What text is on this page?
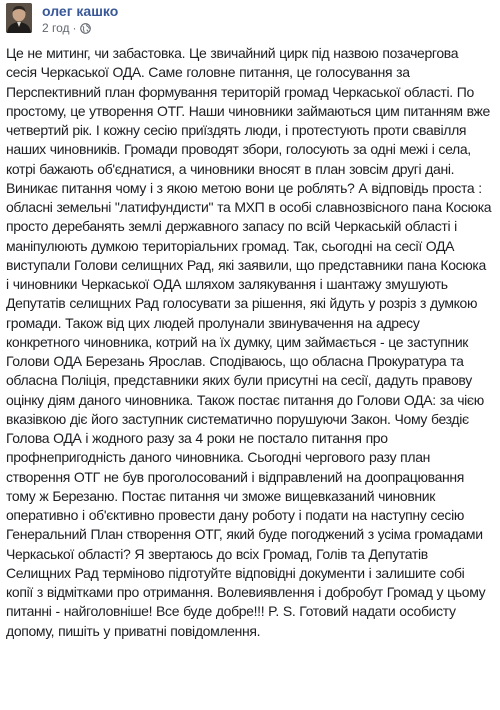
олег кашко
2 год ·
Це не митинг, чи забастовка. Це звичайний цирк під назвою позачергова сесія Черкаської ОДА. Саме головне питання, це голосування за Перспективний план формування територій громад Черкаської області. По простому, це утворення ОТГ. Наши чиновники займаються цим питанням вже четвертий рік. І кожну сесію приїздять люди, і протестують проти свавілля наших чиновників. Громади проводят збори, голосують за одні межі і села, котрі бажають об'єднатися, а чиновники вносят в план зовсім другі дані. Виникає питання чому і з якою метою вони це роблять? А відповідь проста : обласні земельні "латифундисти" та МХП в особі славнозвісного пана Косюка просто деребанять землі державного запасу по всій Черкаській області і маніпулюють думкою територіальних громад. Так, сьогодні на сесії ОДА виступали Голови селищних Рад, які заявили, що представники пана Косюка і чиновники Черкаської ОДА шляхом залякування і шантажу змушують Депутатів селищних Рад голосувати за рішення, які йдуть у розріз з думкою громади. Також від цих людей пролунали звинувачення на адресу конкретного чиновника, котрий на їх думку, цим займається - це заступник Голови ОДА Березань Ярослав. Сподіваюсь, що обласна Прокуратура та обласна Поліція, представники яких були присутні на сесії, дадуть правову оцінку діям даного чиновника. Також постає питання до Голови ОДА: за чією вказівкою діє його заступник систематично порушуючи Закон. Чому бездіє Голова ОДА і жодного разу за 4 роки не постало питання про профнепригодність даного чиновника. Сьогодні чергового разу план створення ОТГ не був проголосований і відправлений на доопрацювання тому ж Березаню. Постає питання чи зможе вищевказаний чиновник оперативно і об'єктивно провести дану роботу і подати на наступну сесію Генеральний План створення ОТГ, який буде погоджений з усіма громадами Черкаської області? Я звертаюсь до всіх Громад, Голів та Депутатів Селищних Рад терміново підготуйте відповідні документи і залишите собі копії з відмітками про отримання. Волевиявлення і добробут Громад у цьому питанні - найголовніше! Все буде добре!!! P. S. Готовий надати особисту допому, пишіть у приватні повідомлення.
